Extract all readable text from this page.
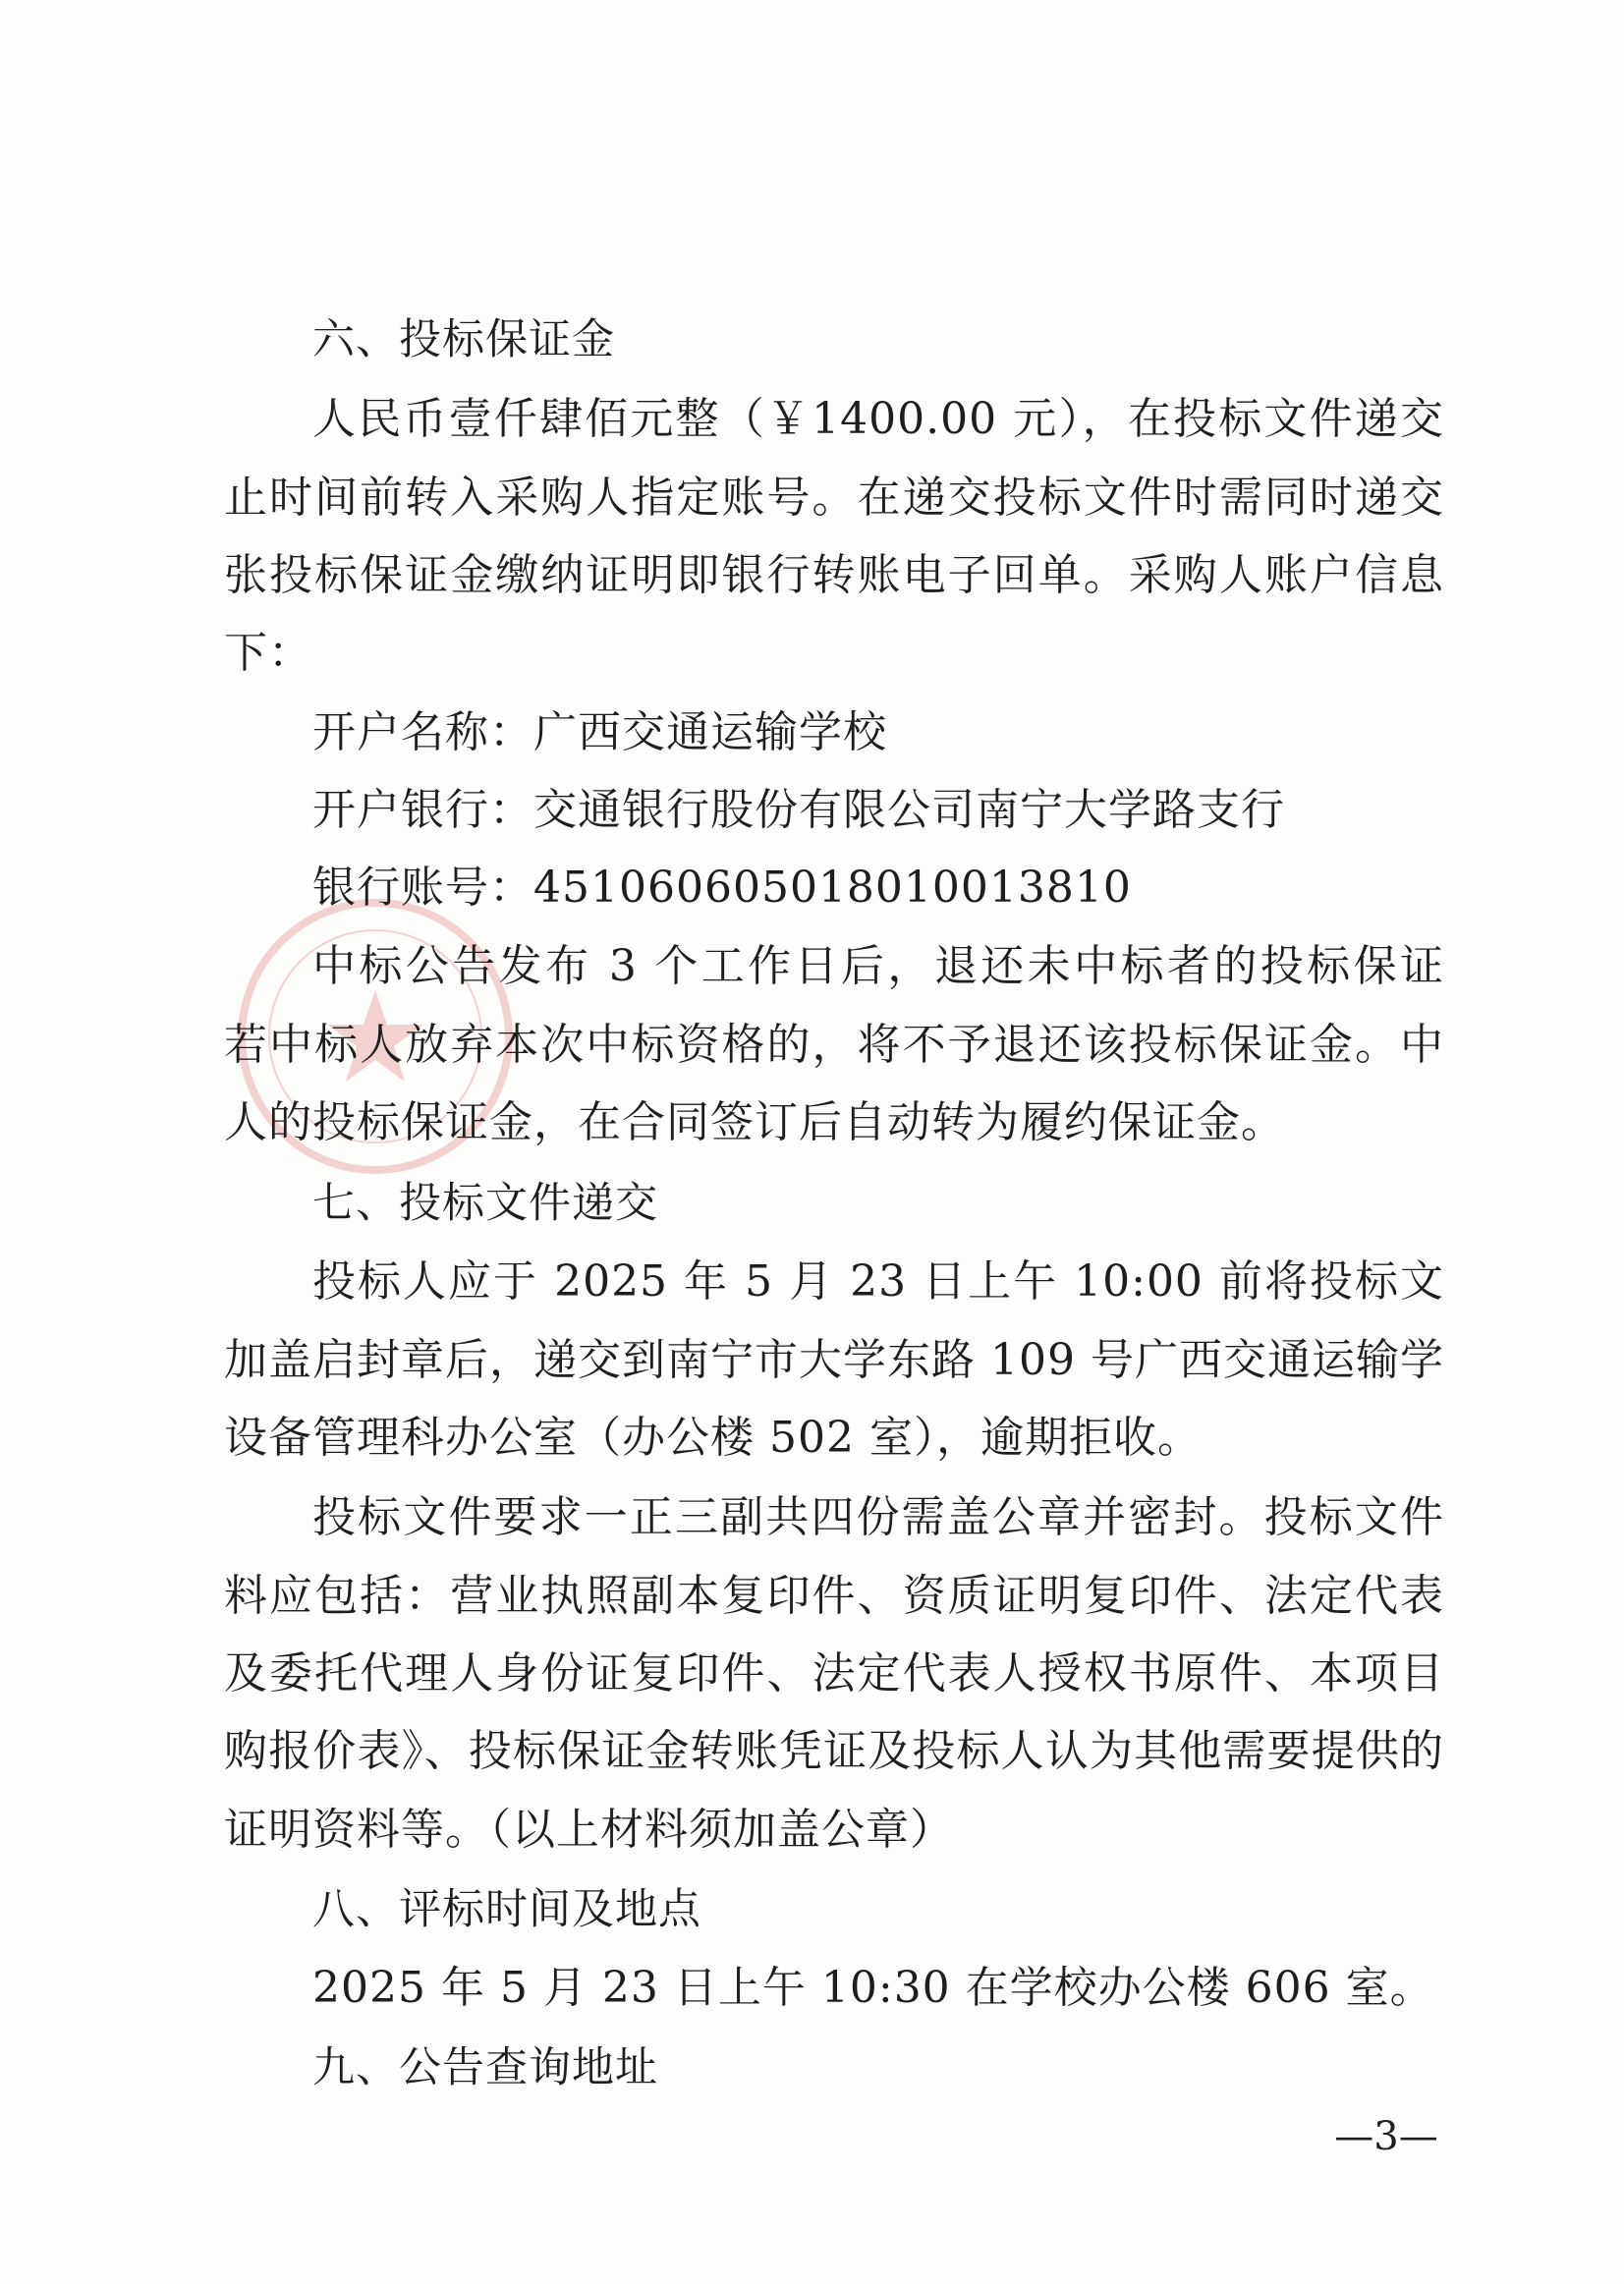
六、投标保证金
人民币壹仟肆佰元整（￥1400.00 元），在投标文件递交
止时间前转入采购人指定账号。在递交投标文件时需同时递交
张投标保证金缴纳证明即银行转账电子回单。采购人账户信息
下：
开户名称：广西交通运输学校
开户银行：交通银行股份有限公司南宁大学路支行
银行账号：451060605018010013810
中标公告发布 3 个工作日后，退还未中标者的投标保证
若中标人放弃本次中标资格的，将不予退还该投标保证金。中
人的投标保证金，在合同签订后自动转为履约保证金。
七、投标文件递交
投标人应于 2025 年 5 月 23 日上午 10:00 前将投标文
加盖启封章后，递交到南宁市大学东路 109 号广西交通运输学
设备管理科办公室（办公楼 502 室），逾期拒收。
投标文件要求一正三副共四份需盖公章并密封。投标文件
料应包括：营业执照副本复印件、资质证明复印件、法定代表
及委托代理人身份证复印件、法定代表人授权书原件、本项目
购报价表》、投标保证金转账凭证及投标人认为其他需要提供的
证明资料等。（以上材料须加盖公章）
八、评标时间及地点
2025 年 5 月 23 日上午 10:30 在学校办公楼 606 室。
九、公告查询地址
—3—
